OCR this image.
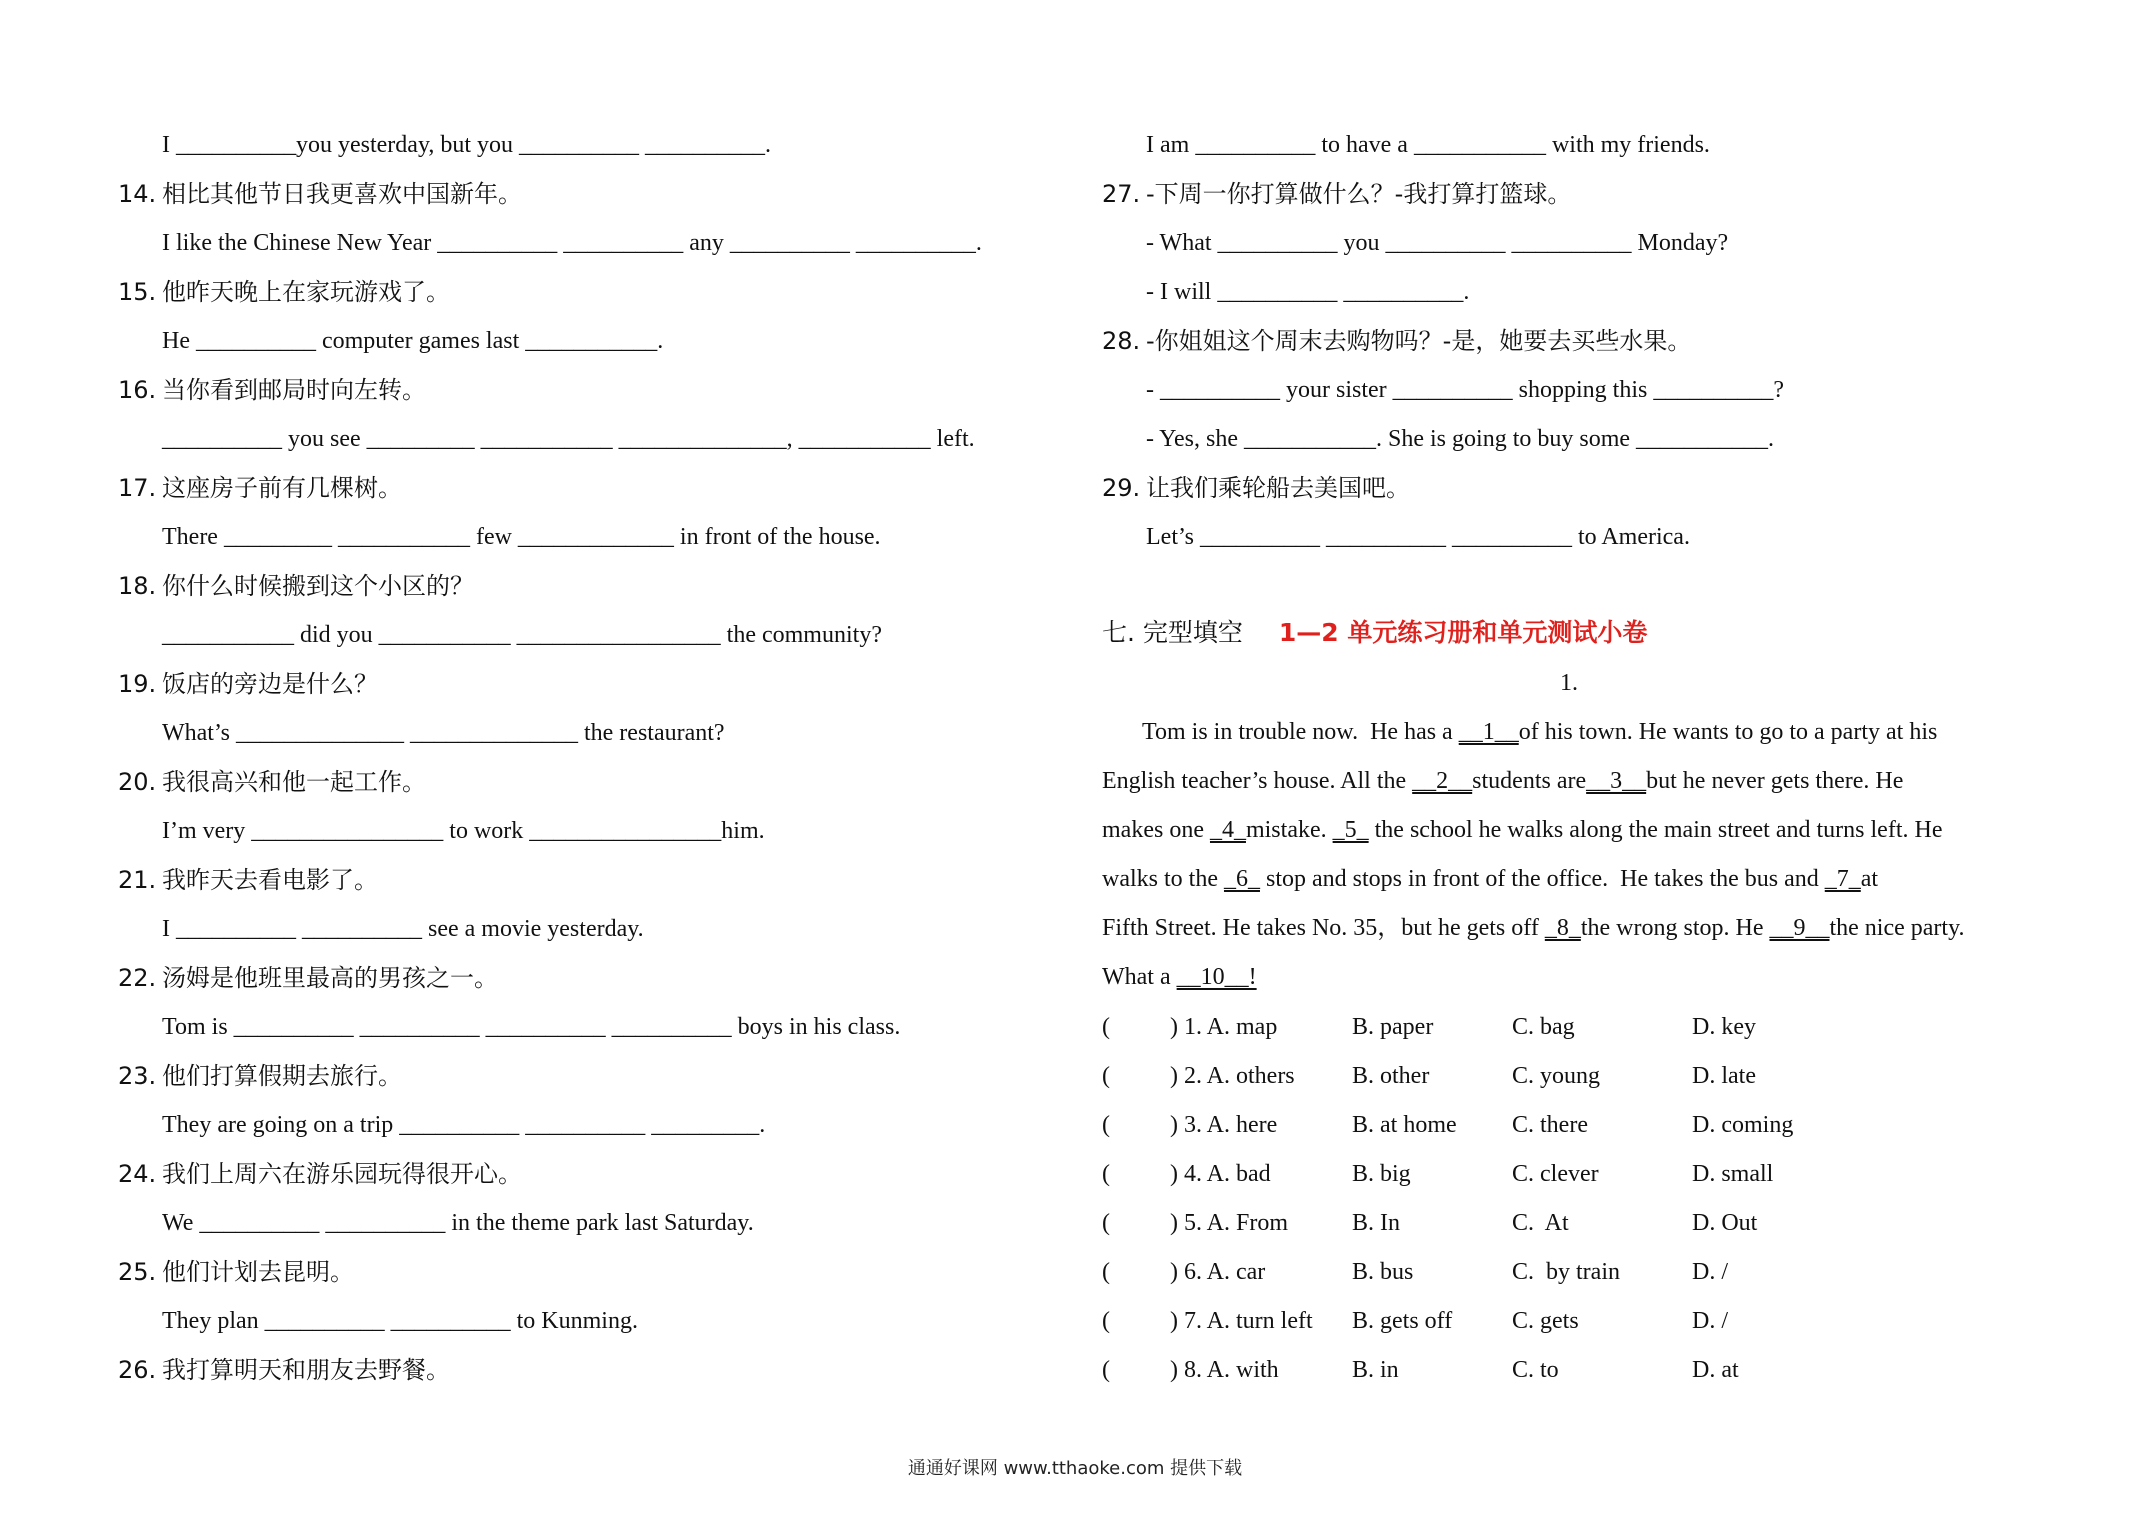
I __________you yesterday, but you __________ __________.
14. 相比其他节日我更喜欢中国新年。
I like the Chinese New Year __________ __________ any __________ __________.
15. 他昨天晚上在家玩游戏了。
He __________ computer games last ___________.
16. 当你看到邮局时向左转。
__________ you see _________ ___________ ______________, ___________ left.
17. 这座房子前有几棵树。
There _________ ___________ few _____________ in front of the house.
18. 你什么时候搬到这个小区的？
___________ did you ___________ _________________ the community?
19. 饭店的旁边是什么？
What’s ______________ ______________ the restaurant?
20. 我很高兴和他一起工作。
I’m very ________________ to work ________________him.
21. 我昨天去看电影了。
I __________ __________ see a movie yesterday.
22. 汤姆是他班里最高的男孩之一。
Tom is __________ __________ __________ __________ boys in his class.
23. 他们打算假期去旅行。
They are going on a trip __________ __________ _________.
24. 我们上周六在游乐园玩得很开心。
We __________ __________ in the theme park last Saturday.
25. 他们计划去昆明。
They plan __________ __________ to Kunming.
26. 我打算明天和朋友去野餐。
I am __________ to have a ___________ with my friends.
27. -下周一你打算做什么？-我打算打篮球。
- What __________ you __________ __________ Monday?
- I will __________ __________.
28. -你姐姐这个周末去购物吗？-是，她要去买些水果。
- __________ your sister __________ shopping this __________?
- Yes, she ___________. She is going to buy some ___________.
29. 让我们乘轮船去美国吧。
Let’s __________ __________ __________ to America.
七. 完型填空 1—2 单元练习册和单元测试小卷
1.
Tom is in trouble now.  He has a __1__of his town. He wants to go to a party at his
English teacher’s house. All the __2__students are__3__but he never gets there. He
makes one _4_mistake. _5_ the school he walks along the main street and turns left. He
walks to the _6_ stop and stops in front of the office.  He takes the bus and _7_at
Fifth Street. He takes No. 35，but he gets off _8_the wrong stop. He __9__the nice party.
What a __10__!
(          ) 1. A. map	B. paper	C. bag	D. key
(          ) 2. A. others B. other	C. young	D. late
(          ) 3. A. here	B. at home C. there	D. coming
(          ) 4. A. bad	B. big	C. clever	D. small
(          ) 5. A. From	B. In	C.  At	D. Out
(          ) 6. A. car	B. bus	C.  by train	D. /
(          ) 7. A. turn left B. gets off C. gets	D. /
(          ) 8. A. with	B. in	C. to	D. at
通通好课网 www.tthaoke.com 提供下载
